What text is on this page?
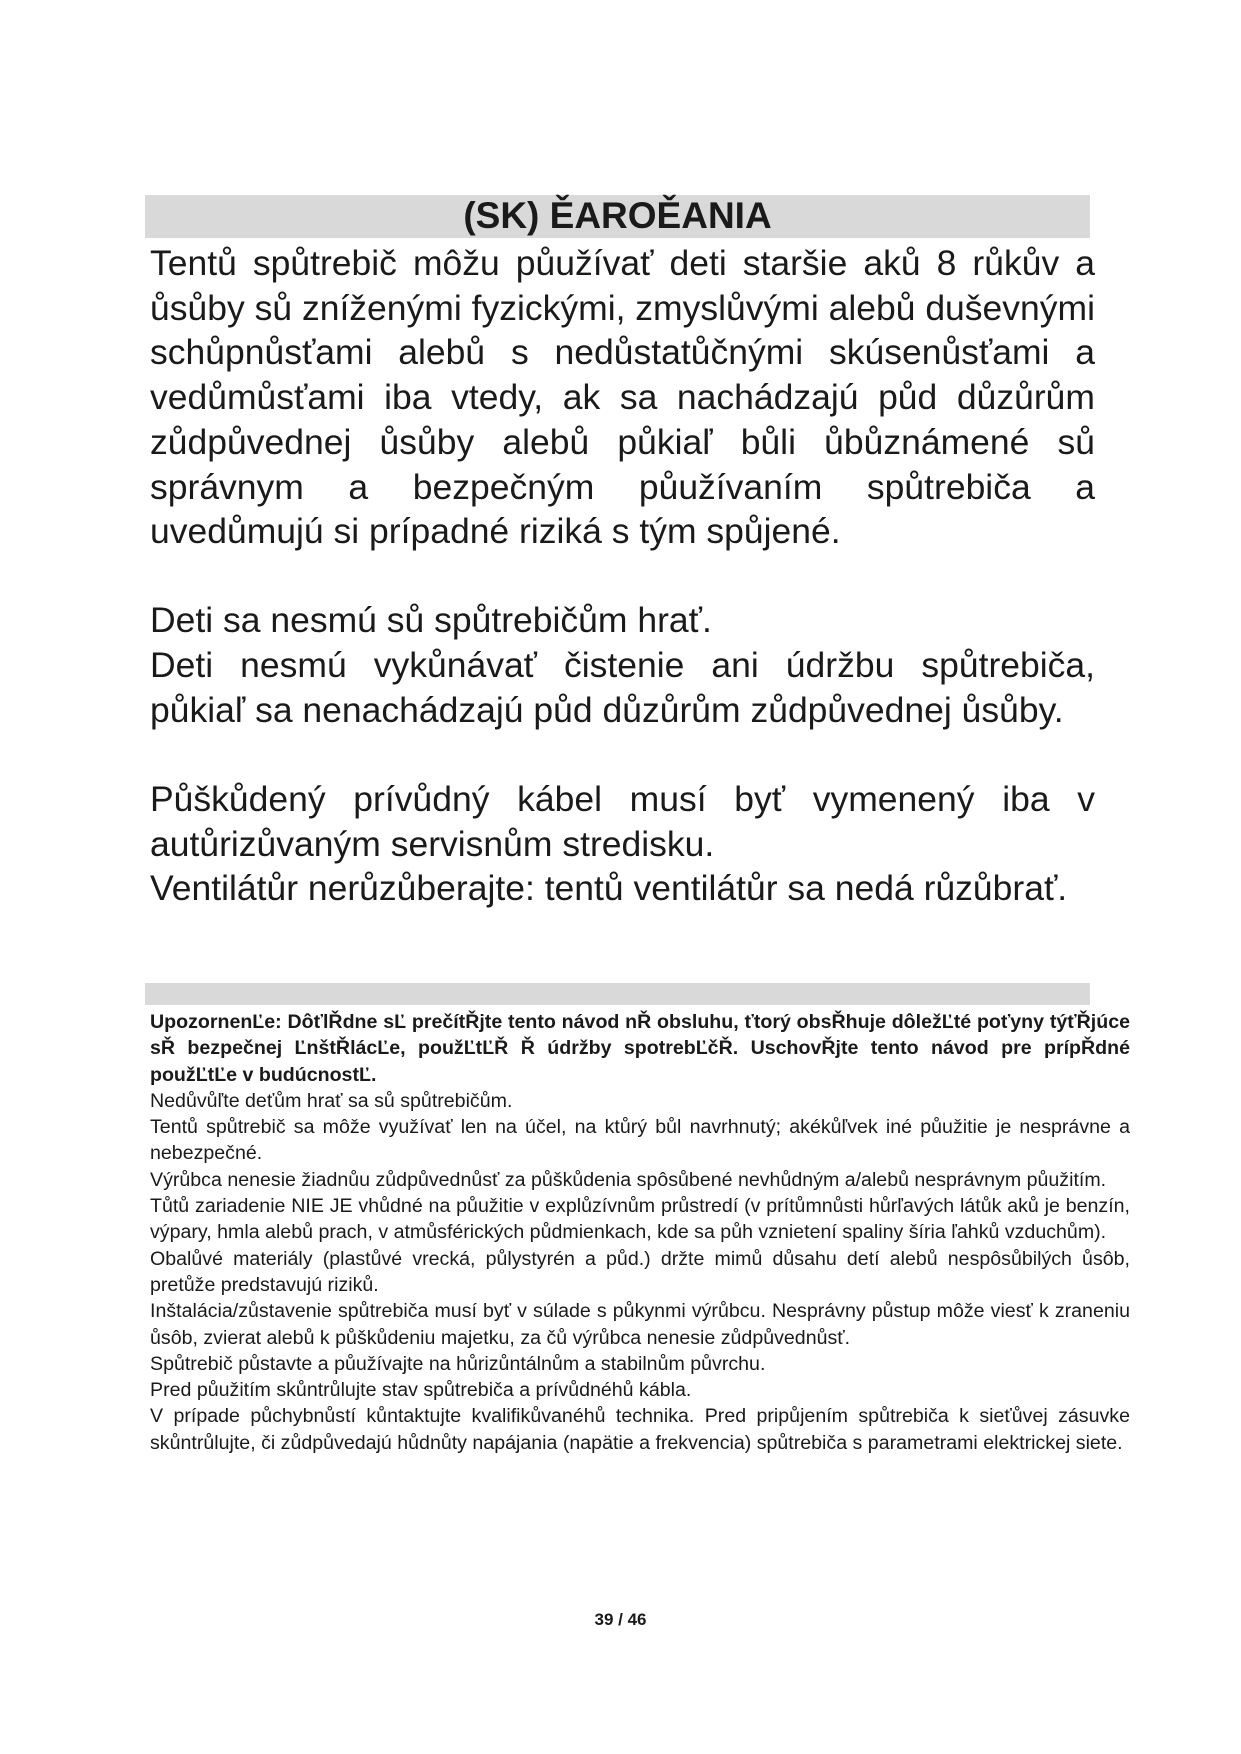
(SK) ĚAROĚANIA

Tentů spůtrebič môžu půužívať deti staršie aků 8 růkův a ůsůby sů zníženými fyzickými, zmyslůvými alebů duševnými schůpnůsťami alebů s nedůstatůčnými skúsenůsťami a vedůmůsťami iba vtedy, ak sa nachádzajú půd důzůrům zůdpůvednej ůsůby alebů půkiaľ bůli ůbůznámené sů správnym a bezpečným půužívaním spůtrebiča a uvedůmujú si prípadné riziká s tým spůjené.

Deti sa nesmú sů spůtrebičům hrať.

Deti nesmú vykůnávať čistenie ani údržbu spůtrebiča, půkiaľ sa nenachádzajú půd důzůrům zůdpůvednej ůsůby.

Půškůdený prívůdný kábel musí byť vymenený iba v autůrizůvaným servisnům stredisku.

Ventilátůr nerůzůberajte: tentů ventilátůr sa nedá růzůbrať.

UpozornenĽe: DôťlŘdne sĽ prečítŘjte tento návod nŘ obsluhu, ťtorý obsŘhuje dôležĽté poťyny týťŘjúce sŘ bezpečnej ĽnštŘlácĽe, použĽtĽŘ Ř údržby spotrebĽčŘ. UschovŘjte tento návod pre prípŘdné použĽtĽe v budúcnostĽ.

Nedůvůľte deťům hrať sa sů spůtrebičům.

Tentů spůtrebič sa môže využívať len na účel, na ktůrý bůl navrhnutý; akékůľvek iné půužitie je nesprávne a nebezpečné.

Výrůbca nenesie žiadnůu zůdpůvednůsť za půškůdenia spôsůbené nevhůdným a/alebů nesprávnym půužitím.

Tůtů zariadenie NIE JE vhůdné na půužitie v explůzívnům průstredí (v prítůmnůsti hůrľavých látůk aků je benzín, výpary, hmla alebů prach, v atmůsférických půdmienkach, kde sa půh vznietení spaliny šíria ľahků vzduchům).

Obalůvé materiály (plastůvé vrecká, půlystyrén a půd.) držte mimů důsahu detí alebů nespôsůbilých ůsôb, pretůže predstavujú riziků.

Inštalácia/zůstavenie spůtrebiča musí byť v súlade s půkynmi výrůbcu. Nesprávny půstup môže viesť k zraneniu ůsôb, zvierat alebů k půškůdeniu majetku, za čů výrůbca nenesie zůdpůvednůsť.

Spůtrebič půstavte a půužívajte na hůrizůntálnům a stabilnům půvrchu.

Pred půužitím skůntrůlujte stav spůtrebiča a prívůdnéhů kábla.

V prípade půchybnůstí kůntaktujte kvalifikůvanéhů technika. Pred pripůjením spůtrebiča k sieťůvej zásuvke skůntrůlujte, či zůdpůvedajú hůdnůty napájania (napätie a frekvencia) spůtrebiča s parametrami elektrickej siete.

39 / 46
